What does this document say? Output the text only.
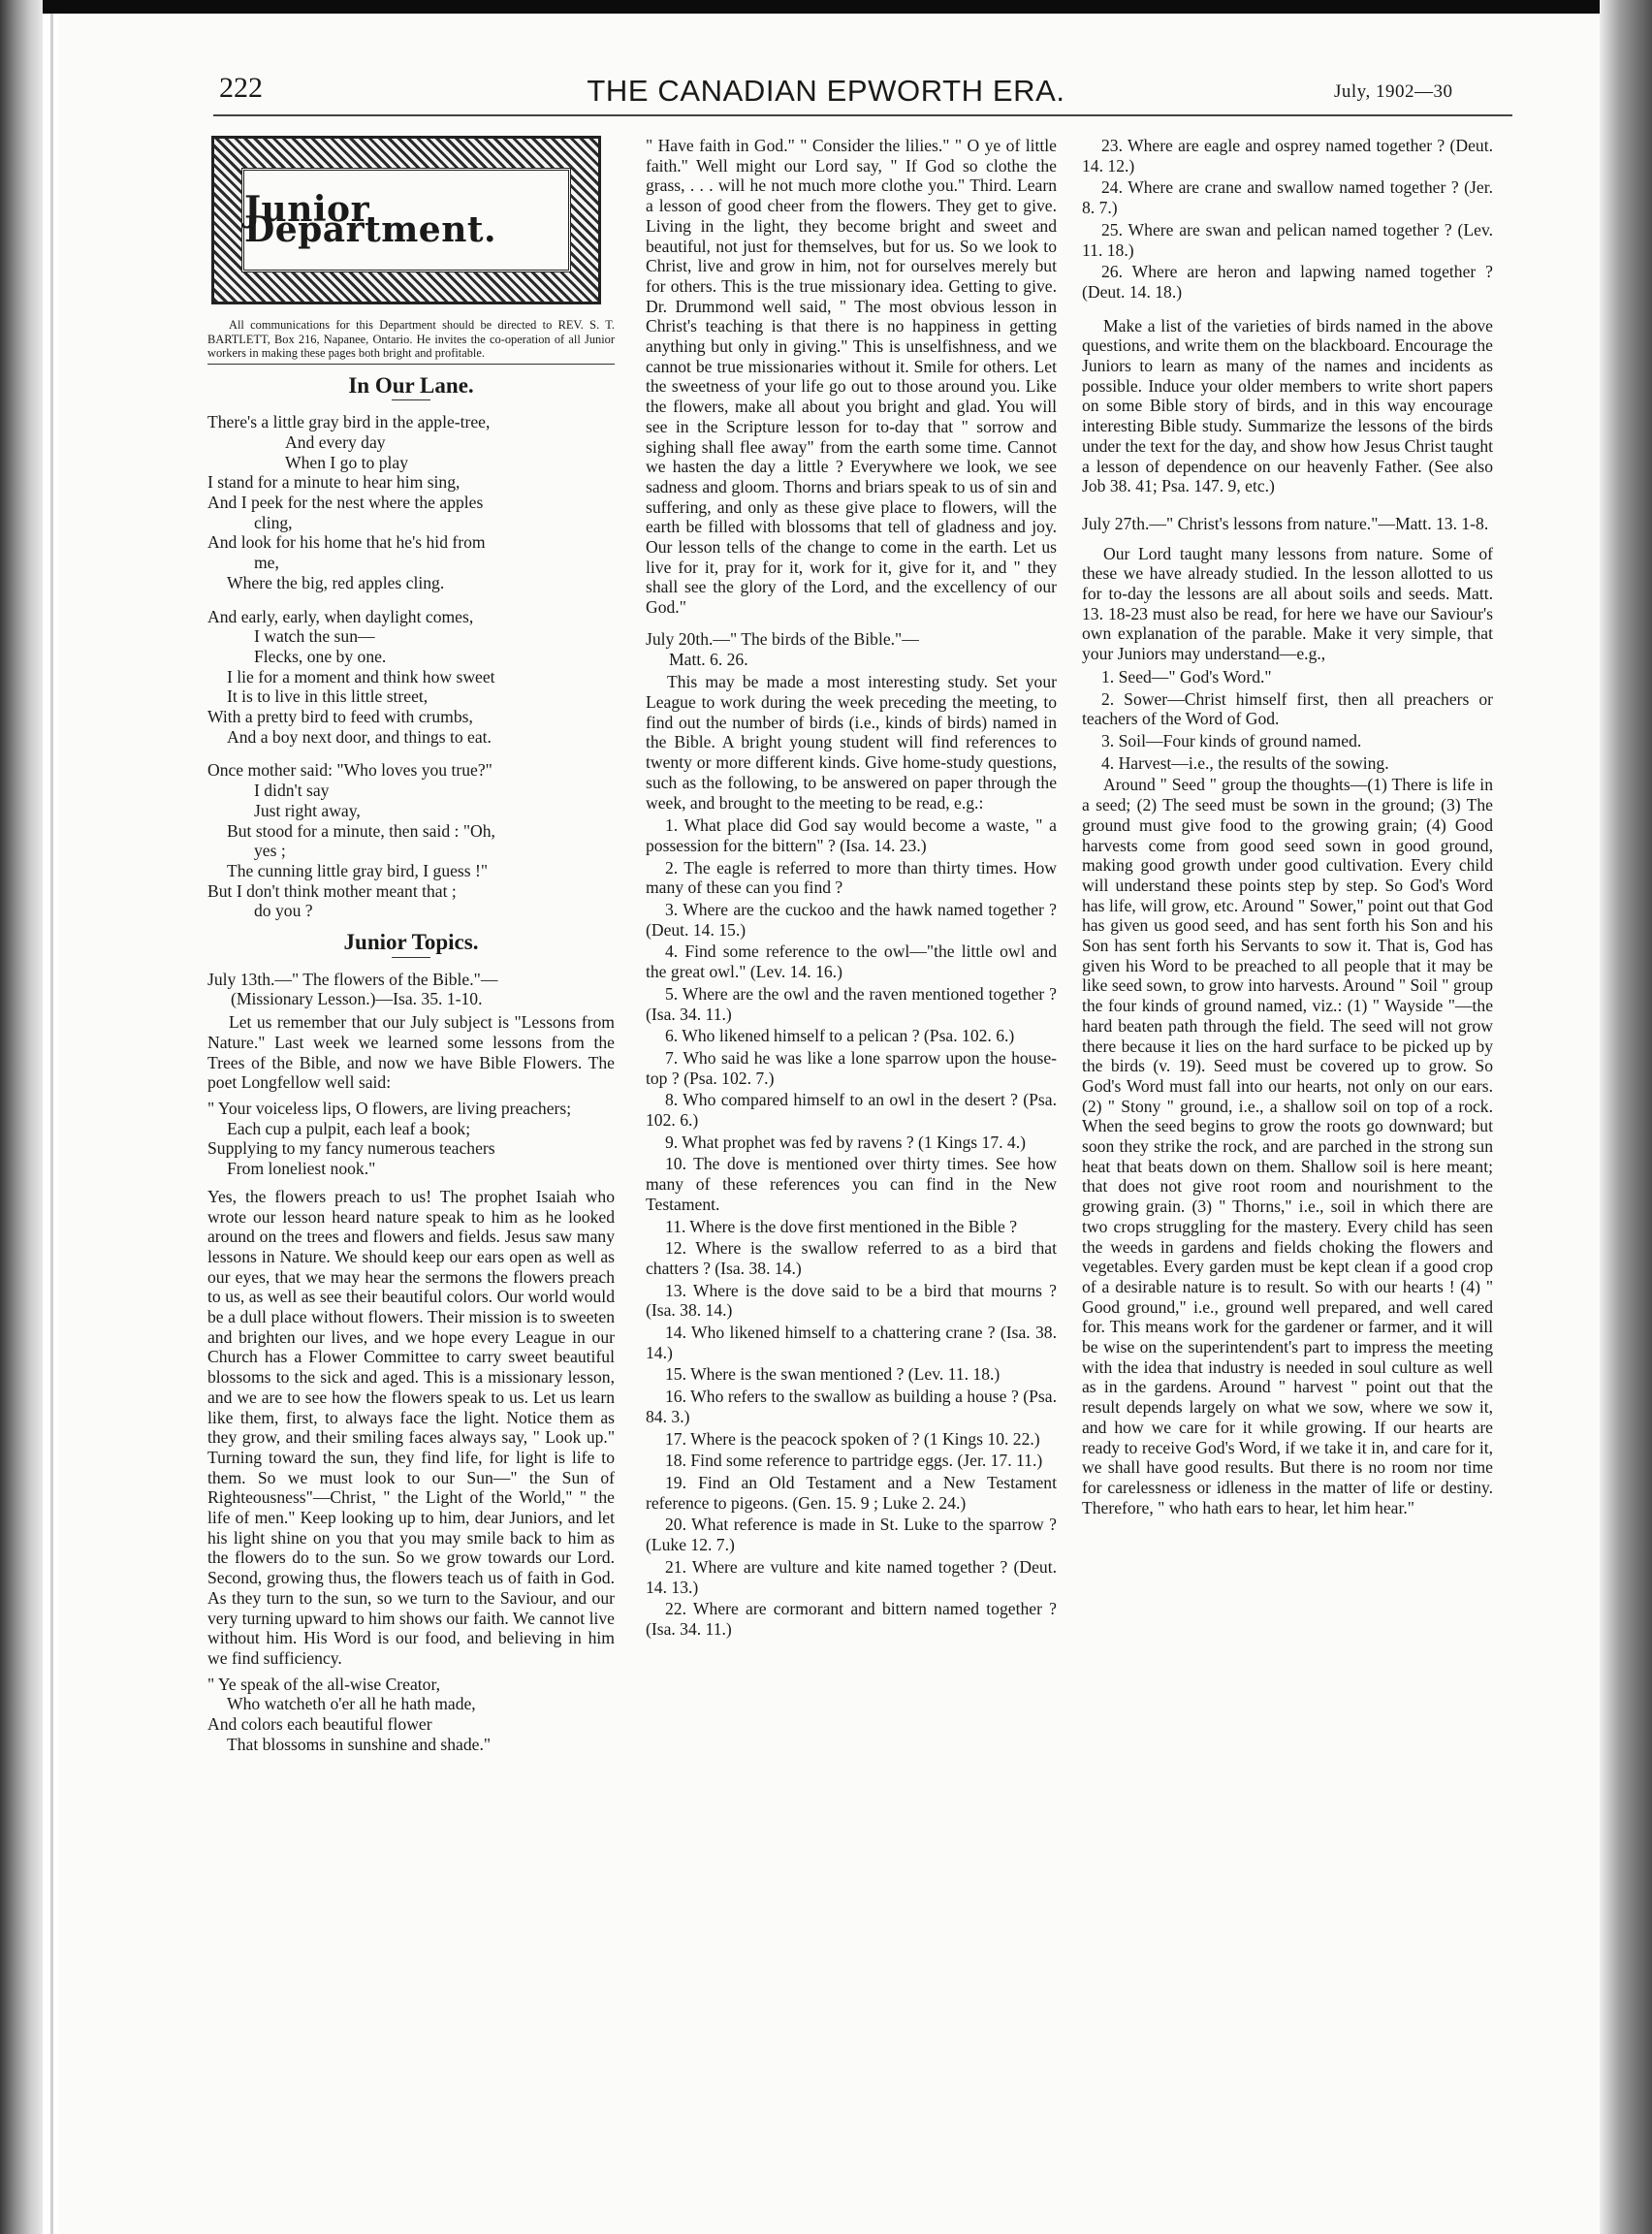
222	THE CANADIAN EPWORTH ERA.	July, 1902—30
Junior Department.

All communications for this Department should be directed to REV. S. T. BARTLETT, Box 216, Napanee, Ontario. He invites the co-operation of all Junior workers in making these pages both bright and profitable.

In Our Lane.
There's a little gray bird in the apple-tree,
And every day
When I go to play
I stand for a minute to hear him sing,
And I peek for the nest where the apples
cling,
And look for his home that he's hid from
me,
Where the big, red apples cling.
And early, early, when daylight comes,
I watch the sun—
Flecks, one by one.
I lie for a moment and think how sweet
It is to live in this little street,
With a pretty bird to feed with crumbs,
And a boy next door, and things to eat.
Once mother said: "Who loves you true?"
I didn't say
Just right away,
But stood for a minute, then said : "Oh,
yes ;
The cunning little gray bird, I guess !"
But I don't think mother meant that ;
do you ?
Junior Topics.

July 13th.—" The flowers of the Bible."—
(Missionary Lesson.)—Isa. 35. 1-10.

Let us remember that our July subject is "Lessons from Nature." Last week we learned some lessons from the Trees of the Bible, and now we have Bible Flowers. The poet Longfellow well said:

" Your voiceless lips, O flowers, are living preachers;
Each cup a pulpit, each leaf a book;
Supplying to my fancy numerous teachers
From loneliest nook."

Yes, the flowers preach to us! The prophet Isaiah who wrote our lesson heard nature speak to him as he looked around on the trees and flowers and fields. Jesus saw many lessons in Nature. We should keep our ears open as well as our eyes, that we may hear the sermons the flowers preach to us, as well as see their beautiful colors. Our world would be a dull place without flowers. Their mission is to sweeten and brighten our lives, and we hope every League in our Church has a Flower Committee to carry sweet beautiful blossoms to the sick and aged. This is a missionary lesson, and we are to see how the flowers speak to us. Let us learn like them, first, to always face the light. Notice them as they grow, and their smiling faces always say, " Look up." Turning toward the sun, they find life, for light is life to them. So we must look to our Sun—" the Sun of Righteousness"—Christ, " the Light of the World," " the life of men." Keep looking up to him, dear Juniors, and let his light shine on you that you may smile back to him as the flowers do to the sun. So we grow towards our Lord. Second, growing thus, the flowers teach us of faith in God. As they turn to the sun, so we turn to the Saviour, and our very turning upward to him shows our faith. We cannot live without him. His Word is our food, and believing in him we find sufficiency.

" Ye speak of the all-wise Creator,
Who watcheth o'er all he hath made,
And colors each beautiful flower
That blossoms in sunshine and shade."

" Have faith in God." " Consider the lilies." " O ye of little faith." Well might our Lord say, " If God so clothe the grass, . . . will he not much more clothe you." Third. Learn a lesson of good cheer from the flowers. They get to give. Living in the light, they become bright and sweet and beautiful, not just for themselves, but for us. So we look to Christ, live and grow in him, not for ourselves merely but for others. This is the true missionary idea. Getting to give. Dr. Drummond well said, " The most obvious lesson in Christ's teaching is that there is no happiness in getting anything but only in giving." This is unselfishness, and we cannot be true missionaries without it. Smile for others. Let the sweetness of your life go out to those around you. Like the flowers, make all about you bright and glad. You will see in the Scripture lesson for to-day that " sorrow and sighing shall flee away" from the earth some time. Cannot we hasten the day a little ? Everywhere we look, we see sadness and gloom. Thorns and briars speak to us of sin and suffering, and only as these give place to flowers, will the earth be filled with blossoms that tell of gladness and joy. Our lesson tells of the change to come in the earth. Let us live for it, pray for it, work for it, give for it, and " they shall see the glory of the Lord, and the excellency of our God."

July 20th.—" The birds of the Bible."—
Matt. 6. 26.

This may be made a most interesting study. Set your League to work during the week preceding the meeting, to find out the number of birds (i.e., kinds of birds) named in the Bible. A bright young student will find references to twenty or more different kinds. Give home-study questions, such as the following, to be answered on paper through the week, and brought to the meeting to be read, e.g.:

1. What place did God say would become a waste, " a possession for the bittern" ? (Isa. 14. 23.)

2. The eagle is referred to more than thirty times. How many of these can you find ?

3. Where are the cuckoo and the hawk named together ? (Deut. 14. 15.)

4. Find some reference to the owl—"the little owl and the great owl." (Lev. 14. 16.)

5. Where are the owl and the raven mentioned together ? (Isa. 34. 11.)

6. Who likened himself to a pelican ? (Psa. 102. 6.)

7. Who said he was like a lone sparrow upon the house-top ? (Psa. 102. 7.)

8. Who compared himself to an owl in the desert ? (Psa. 102. 6.)

9. What prophet was fed by ravens ? (1 Kings 17. 4.)

10. The dove is mentioned over thirty times. See how many of these references you can find in the New Testament.

11. Where is the dove first mentioned in the Bible ?

12. Where is the swallow referred to as a bird that chatters ? (Isa. 38. 14.)

13. Where is the dove said to be a bird that mourns ? (Isa. 38. 14.)

14. Who likened himself to a chattering crane ? (Isa. 38. 14.)

15. Where is the swan mentioned ? (Lev. 11. 18.)

16. Who refers to the swallow as building a house ? (Psa. 84. 3.)

17. Where is the peacock spoken of ? (1 Kings 10. 22.)

18. Find some reference to partridge eggs. (Jer. 17. 11.)

19. Find an Old Testament and a New Testament reference to pigeons. (Gen. 15. 9 ; Luke 2. 24.)

20. What reference is made in St. Luke to the sparrow ? (Luke 12. 7.)

21. Where are vulture and kite named together ? (Deut. 14. 13.)

22. Where are cormorant and bittern named together ? (Isa. 34. 11.)

23. Where are eagle and osprey named together ? (Deut. 14. 12.)

24. Where are crane and swallow named together ? (Jer. 8. 7.)

25. Where are swan and pelican named together ? (Lev. 11. 18.)

26. Where are heron and lapwing named together ? (Deut. 14. 18.)

Make a list of the varieties of birds named in the above questions, and write them on the blackboard. Encourage the Juniors to learn as many of the names and incidents as possible. Induce your older members to write short papers on some Bible story of birds, and in this way encourage interesting Bible study. Summarize the lessons of the birds under the text for the day, and show how Jesus Christ taught a lesson of dependence on our heavenly Father. (See also Job 38. 41; Psa. 147. 9, etc.)

July 27th.—" Christ's lessons from nature."—Matt. 13. 1-8.

Our Lord taught many lessons from nature. Some of these we have already studied. In the lesson allotted to us for to-day the lessons are all about soils and seeds. Matt. 13. 18-23 must also be read, for here we have our Saviour's own explanation of the parable. Make it very simple, that your Juniors may understand—e.g.,

1. Seed—" God's Word."

2. Sower—Christ himself first, then all preachers or teachers of the Word of God.

3. Soil—Four kinds of ground named.

4. Harvest—i.e., the results of the sowing.

Around " Seed " group the thoughts—(1) There is life in a seed; (2) The seed must be sown in the ground; (3) The ground must give food to the growing grain; (4) Good harvests come from good seed sown in good ground, making good growth under good cultivation. Every child will understand these points step by step. So God's Word has life, will grow, etc. Around " Sower," point out that God has given us good seed, and has sent forth his Son and his Son has sent forth his Servants to sow it. That is, God has given his Word to be preached to all people that it may be like seed sown, to grow into harvests. Around " Soil " group the four kinds of ground named, viz.: (1) " Wayside "—the hard beaten path through the field. The seed will not grow there because it lies on the hard surface to be picked up by the birds (v. 19). Seed must be covered up to grow. So God's Word must fall into our hearts, not only on our ears. (2) " Stony " ground, i.e., a shallow soil on top of a rock. When the seed begins to grow the roots go downward; but soon they strike the rock, and are parched in the strong sun heat that beats down on them. Shallow soil is here meant; that does not give root room and nourishment to the growing grain. (3) " Thorns," i.e., soil in which there are two crops struggling for the mastery. Every child has seen the weeds in gardens and fields choking the flowers and vegetables. Every garden must be kept clean if a good crop of a desirable nature is to result. So with our hearts ! (4) " Good ground," i.e., ground well prepared, and well cared for. This means work for the gardener or farmer, and it will be wise on the superintendent's part to impress the meeting with the idea that industry is needed in soul culture as well as in the gardens. Around " harvest " point out that the result depends largely on what we sow, where we sow it, and how we care for it while growing. If our hearts are ready to receive God's Word, if we take it in, and care for it, we shall have good results. But there is no room nor time for carelessness or idleness in the matter of life or destiny. Therefore, " who hath ears to hear, let him hear."
